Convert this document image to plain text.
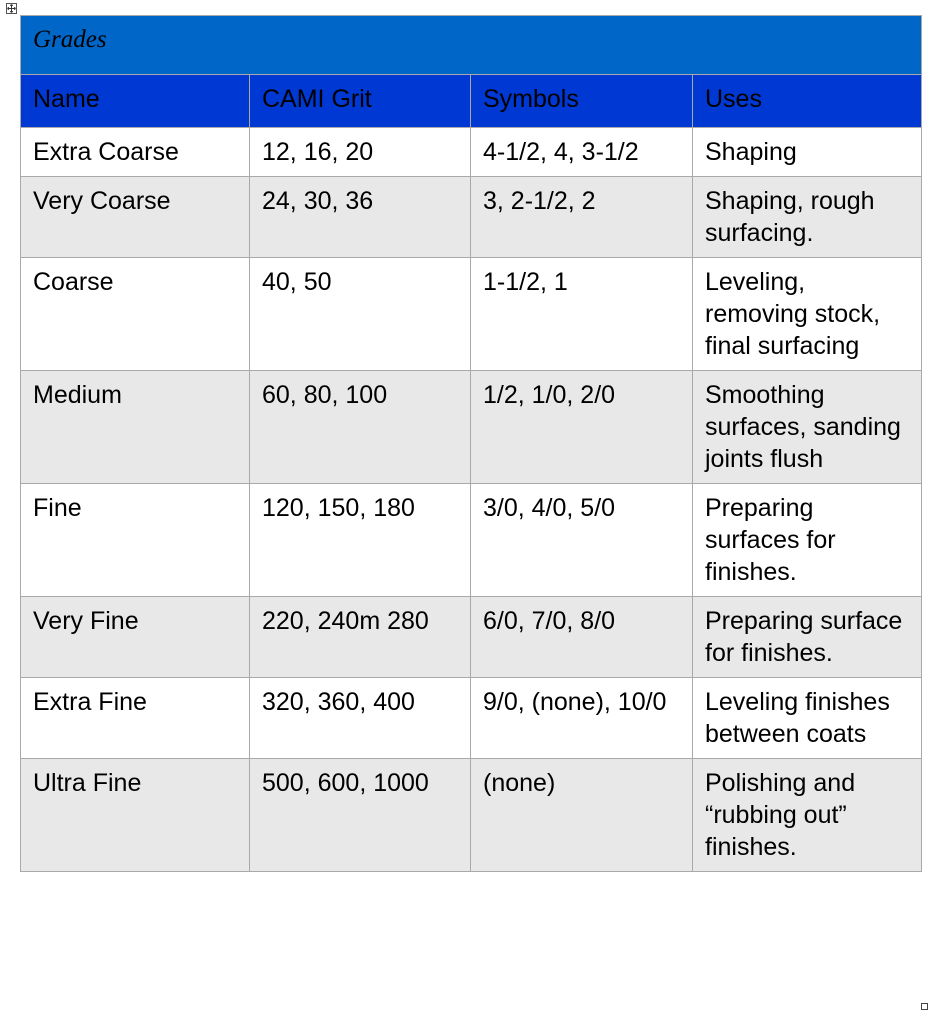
Grades			
Name	CAMI Grit	Symbols	Uses
Extra Coarse	12, 16, 20	4-1/2, 4, 3-1/2	Shaping
Very Coarse	24, 30, 36	3, 2-1/2, 2	Shaping, rough surfacing.
Coarse	40, 50	1-1/2, 1	Leveling, removing stock, final surfacing
Medium	60, 80, 100	1/2, 1/0, 2/0	Smoothing surfaces, sanding joints flush
Fine	120, 150, 180	3/0, 4/0, 5/0	Preparing surfaces for finishes.
Very Fine	220, 240m 280	6/0, 7/0, 8/0	Preparing surface for finishes.
Extra Fine	320, 360, 400	9/0, (none), 10/0	Leveling finishes between coats
Ultra Fine	500, 600, 1000	(none)	Polishing and “rubbing out” finishes.
